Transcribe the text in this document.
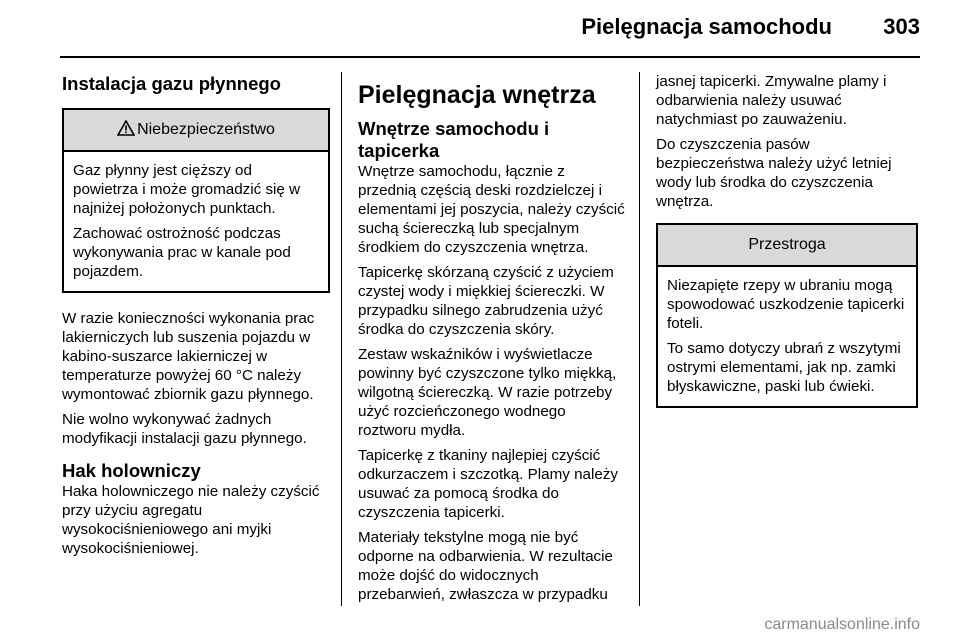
Pielęgnacja samochodu 303
Instalacja gazu płynnego
Niebezpieczeństwo

Gaz płynny jest cięższy od powietrza i może gromadzić się w najniżej położonych punktach.

Zachować ostrożność podczas wykonywania prac w kanale pod pojazdem.

W razie konieczności wykonania prac lakierniczych lub suszenia pojazdu w kabino-suszarce lakierniczej w temperaturze powyżej 60 °C należy wymontować zbiornik gazu płynnego.

Nie wolno wykonywać żadnych modyfikacji instalacji gazu płynnego.

Hak holowniczy

Haka holowniczego nie należy czyścić przy użyciu agregatu wysokociśnieniowego ani myjki wysokociśnieniowej.

Pielęgnacja wnętrza
Wnętrze samochodu i tapicerka

Wnętrze samochodu, łącznie z przednią częścią deski rozdzielczej i elementami jej poszycia, należy czyścić suchą ściereczką lub specjalnym środkiem do czyszczenia wnętrza.

Tapicerkę skórzaną czyścić z użyciem czystej wody i miękkiej ściereczki. W przypadku silnego zabrudzenia użyć środka do czyszczenia skóry.

Zestaw wskaźników i wyświetlacze powinny być czyszczone tylko miękką, wilgotną ściereczką. W razie potrzeby użyć rozcieńczonego wodnego roztworu mydła.

Tapicerkę z tkaniny najlepiej czyścić odkurzaczem i szczotką. Plamy należy usuwać za pomocą środka do czyszczenia tapicerki.

Materiały tekstylne mogą nie być odporne na odbarwienia. W rezultacie może dojść do widocznych przebarwień, zwłaszcza w przypadku

jasnej tapicerki. Zmywalne plamy i odbarwienia należy usuwać natychmiast po zauważeniu.

Do czyszczenia pasów bezpieczeństwa należy użyć letniej wody lub środka do czyszczenia wnętrza.

Przestroga

Niezapięte rzepy w ubraniu mogą spowodować uszkodzenie tapicerki foteli.

To samo dotyczy ubrań z wszytymi ostrymi elementami, jak np. zamki błyskawiczne, paski lub ćwieki.

carmanualsonline.info
